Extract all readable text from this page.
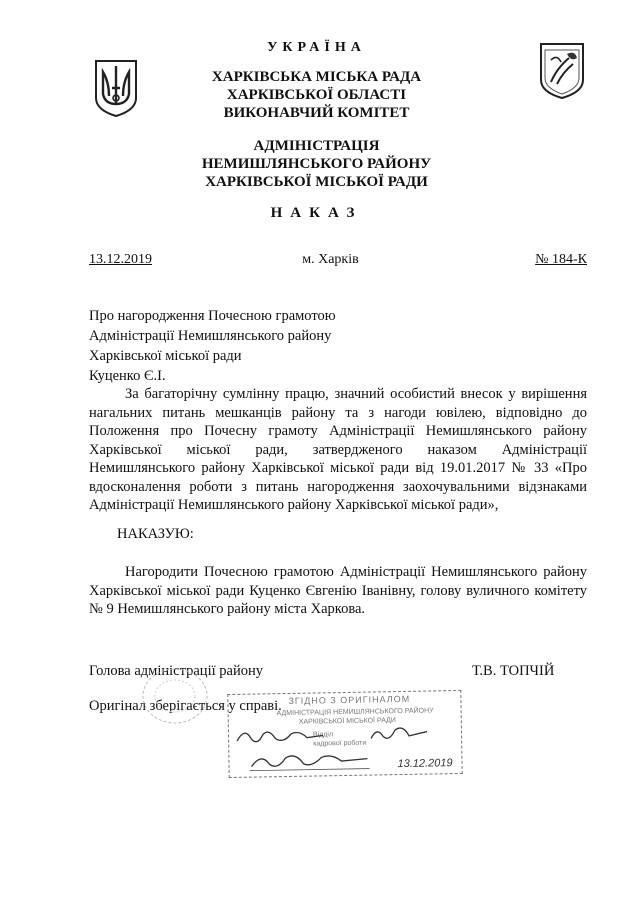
УКРАЇНА
ХАРКІВСЬКА МІСЬКА РАДА
ХАРКІВСЬКОЇ ОБЛАСТІ
ВИКОНАВЧИЙ КОМІТЕТ
АДМІНІСТРАЦІЯ
НЕМИШЛЯНСЬКОГО РАЙОНУ
ХАРКІВСЬКОЇ МІСЬКОЇ РАДИ
НАКАЗ
13.12.2019	м. Харків	№ 184-К
Про нагородження Почесною грамотою
Адміністрації Немишлянського району
Харківської міської ради
Куценко Є.І.

За багаторічну сумлінну працю, значний особистий внесок у вирішення нагальних питань мешканців району та з нагоди ювілею, відповідно до Положення про Почесну грамоту Адміністрації Немишлянського району Харківської міської ради, затвердженого наказом Адміністрації Немишлянського району Харківської міської ради від 19.01.2017 № 33 «Про вдосконалення роботи з питань нагородження заохочувальними відзнаками Адміністрації Немишлянського району Харківської міської ради»,

НАКАЗУЮ:

Нагородити Почесною грамотою Адміністрації Немишлянського району Харківської міської ради Куценко Євгенію Іванівну, голову вуличного комітету № 9 Немишлянського району міста Харкова.

Голова адміністрації району	Т.В. ТОПЧІЙ
Оригінал зберігається у справі. ЗГІДНО З ОРИГІНАЛОМ
АДМІНІСТРАЦІЯ НЕМИШЛЯНСЬКОГО РАЙОНУ
ХАРКІВСЬКОЇ МІСЬКОЇ РАДИ
Відділ
кадрової роботи
13.12.2019
